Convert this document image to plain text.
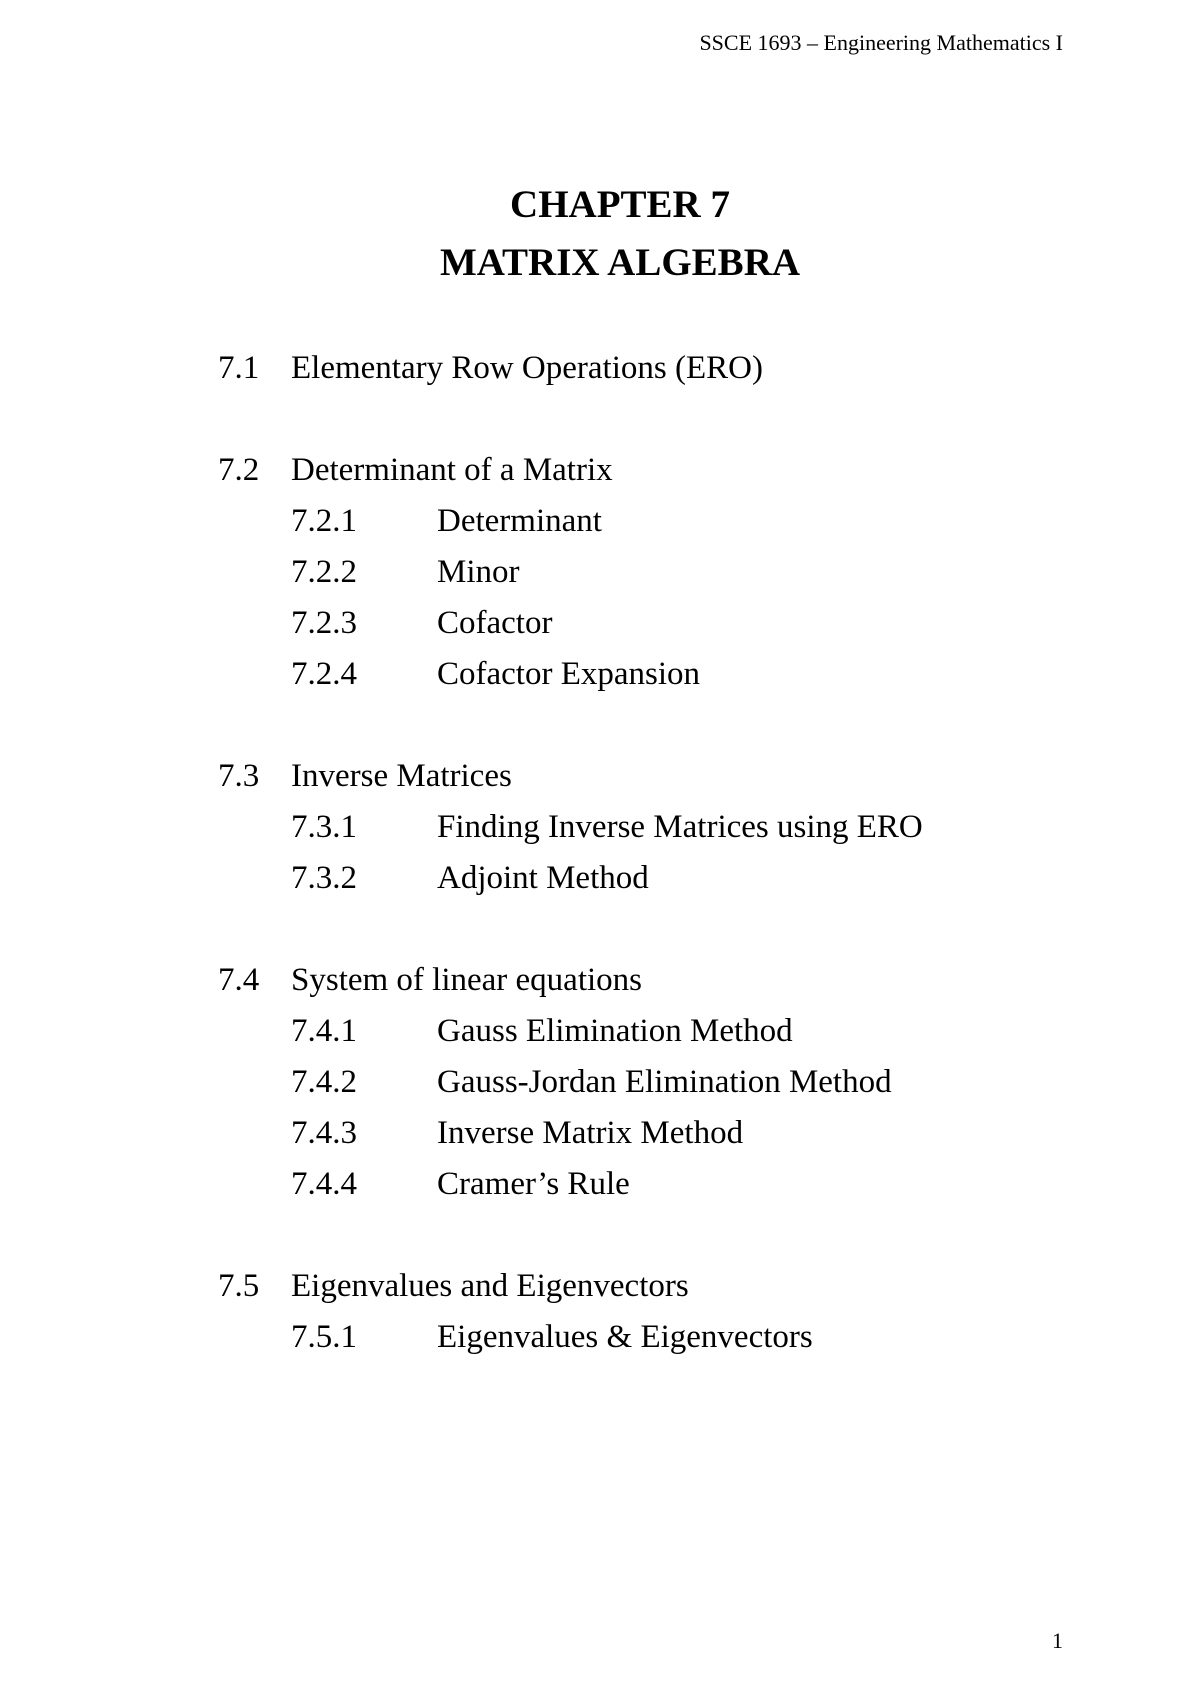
SSCE 1693 – Engineering Mathematics I
CHAPTER 7
MATRIX ALGEBRA
7.1 Elementary Row Operations (ERO)
7.2 Determinant of a Matrix
7.2.1 Determinant
7.2.2 Minor
7.2.3 Cofactor
7.2.4 Cofactor Expansion
7.3 Inverse Matrices
7.3.1 Finding Inverse Matrices using ERO
7.3.2 Adjoint Method
7.4 System of linear equations
7.4.1 Gauss Elimination Method
7.4.2 Gauss-Jordan Elimination Method
7.4.3 Inverse Matrix Method
7.4.4 Cramer’s Rule
7.5 Eigenvalues and Eigenvectors
7.5.1 Eigenvalues & Eigenvectors
1
